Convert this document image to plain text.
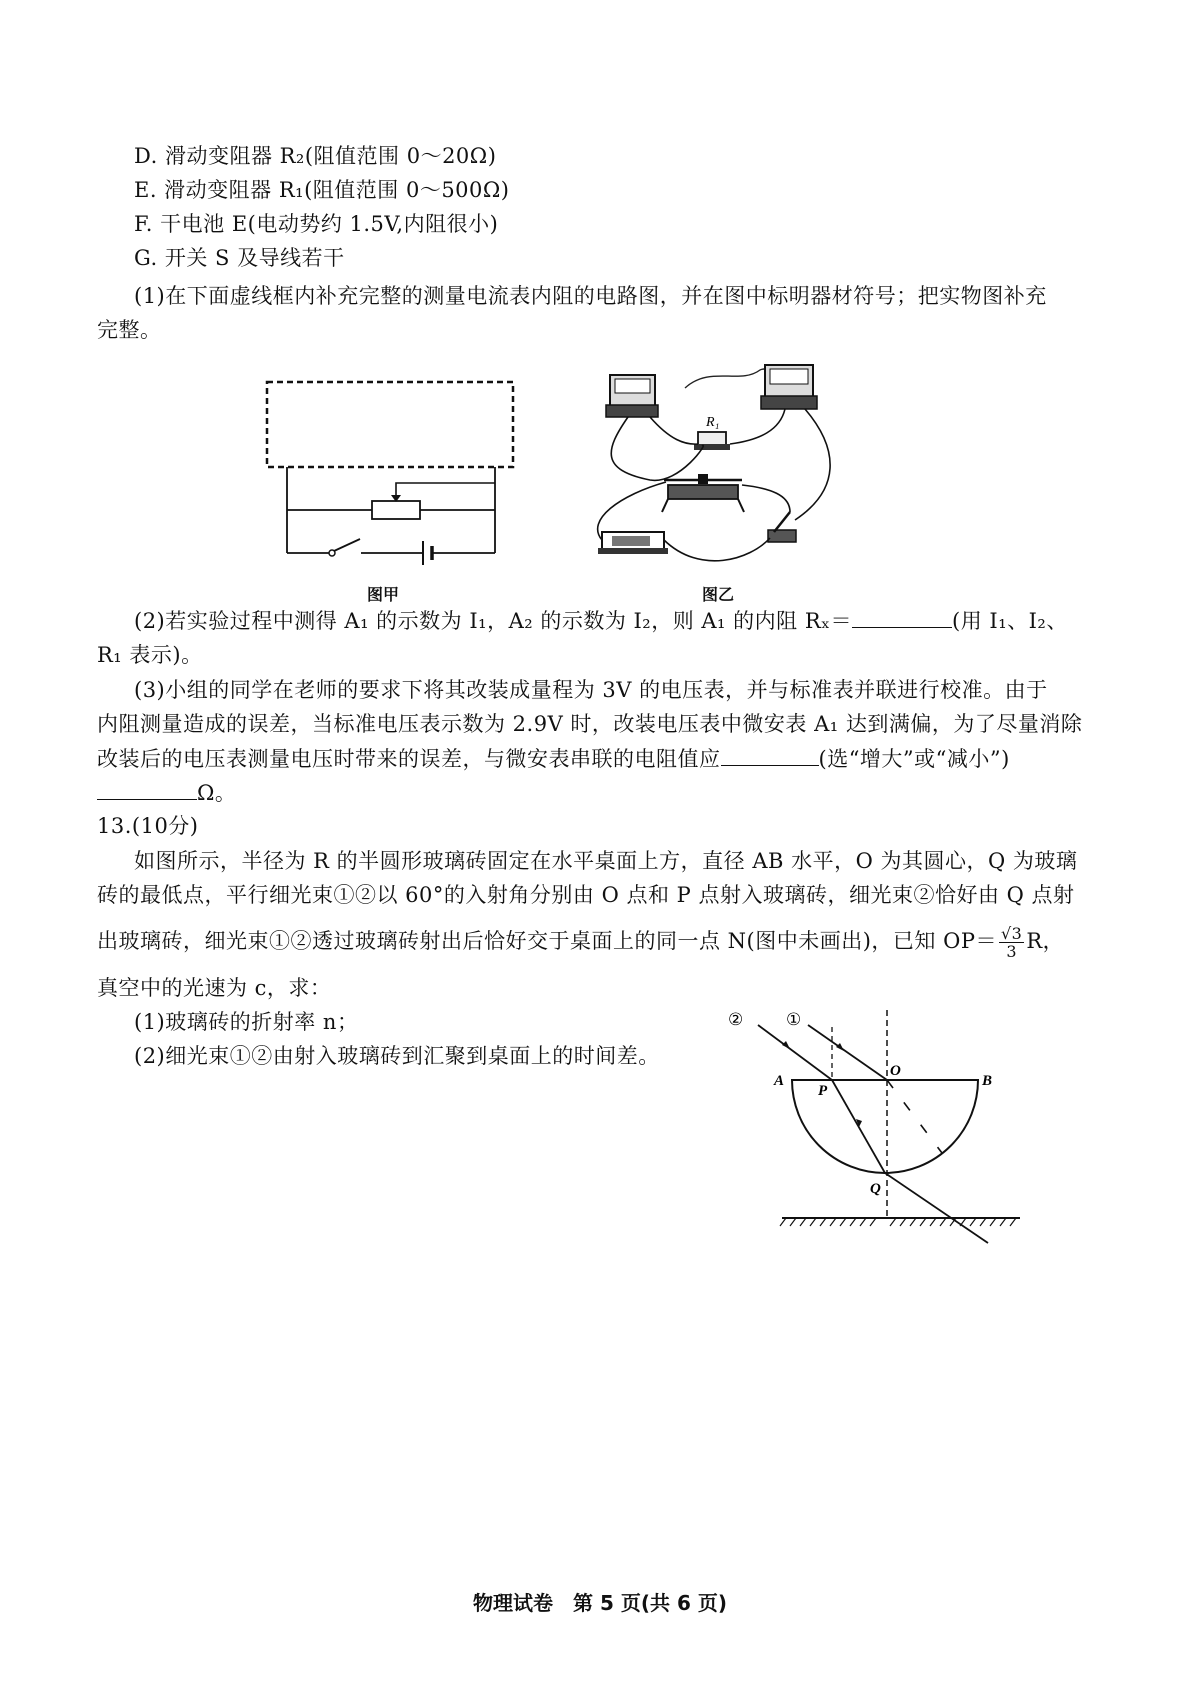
D. 滑动变阻器 R₂(阻值范围 0～20Ω)
E. 滑动变阻器 R₁(阻值范围 0～500Ω)
F. 干电池 E(电动势约 1.5V,内阻很小)
G. 开关 S 及导线若干
(1)在下面虚线框内补充完整的测量电流表内阻的电路图，并在图中标明器材符号；把实物图补充
完整。
图甲
R₁
图乙
(2)若实验过程中测得 A₁ 的示数为 I₁，A₂ 的示数为 I₂，则 A₁ 的内阻 Rₓ＝	(用 I₁、I₂、
R₁ 表示)。
(3)小组的同学在老师的要求下将其改装成量程为 3V 的电压表，并与标准表并联进行校准。由于
内阻测量造成的误差，当标准电压表示数为 2.9V 时，改装电压表中微安表 A₁ 达到满偏，为了尽量消除
改装后的电压表测量电压时带来的误差，与微安表串联的电阻值应	(选“增大”或“减小”)
Ω。
13.(10分)
如图所示，半径为 R 的半圆形玻璃砖固定在水平桌面上方，直径 AB 水平，O 为其圆心，Q 为玻璃
砖的最低点，平行细光束①②以 60°的入射角分别由 O 点和 P 点射入玻璃砖，细光束②恰好由 Q 点射
出玻璃砖，细光束①②透过玻璃砖射出后恰好交于桌面上的同一点 N(图中未画出)，已知 $OP= \frac{√3}{3}R$，
真空中的光速为 c，求：
(1)玻璃砖的折射率 n；
(2)细光束①②由射入玻璃砖到汇聚到桌面上的时间差。
②	①
A	B
O
P
Q
物理试卷　第 5 页(共 6 页)
